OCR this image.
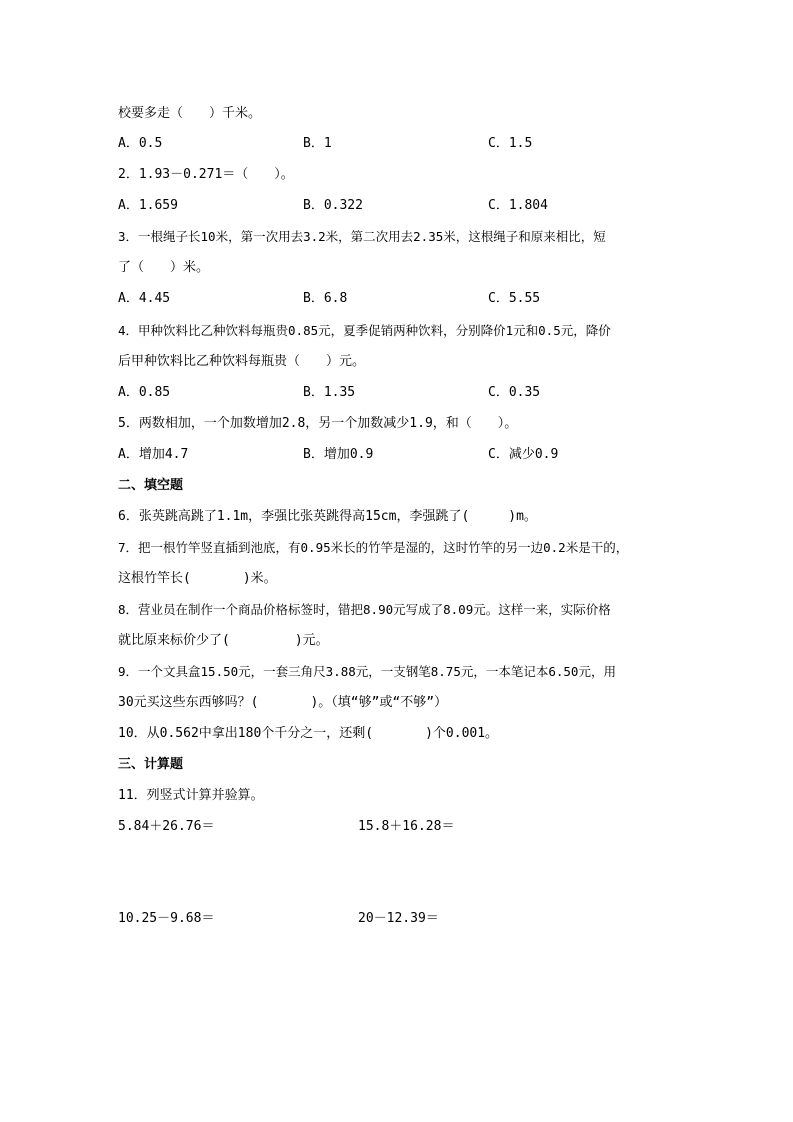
校要多走（　　）千米。
A．0.5	B．1	C．1.5
2．1.93－0.271＝（　　）。
A．1.659	B．0.322	C．1.804
3．一根绳子长10米，第一次用去3.2米，第二次用去2.35米，这根绳子和原来相比，短
了（　　）米。
A．4.45	B．6.8	C．5.55
4．甲种饮料比乙种饮料每瓶贵0.85元，夏季促销两种饮料，分别降价1元和0.5元，降价
后甲种饮料比乙种饮料每瓶贵（　　）元。
A．0.85	B．1.35	C．0.35
5．两数相加，一个加数增加2.8，另一个加数减少1.9，和（　　）。
A．增加4.7	B．增加0.9	C．减少0.9
二、填空题
6．张英跳高跳了1.1m，李强比张英跳得高15cm，李强跳了(　　　)m。
7．把一根竹竿竖直插到池底，有0.95米长的竹竿是湿的，这时竹竿的另一边0.2米是干的，
这根竹竿长(　　　　)米。
8．营业员在制作一个商品价格标签时，错把8.90元写成了8.09元。这样一来，实际价格
就比原来标价少了(　　　　　)元。
9．一个文具盒15.50元，一套三角尺3.88元，一支钢笔8.75元，一本笔记本6.50元，用
30元买这些东西够吗？(　　　　)。（填“够”或“不够”）
10．从0.562中拿出180个千分之一，还剩(　　　　)个0.001。
三、计算题
11．列竖式计算并验算。
5.84＋26.76＝	15.8＋16.28＝
10.25－9.68＝	20－12.39＝
